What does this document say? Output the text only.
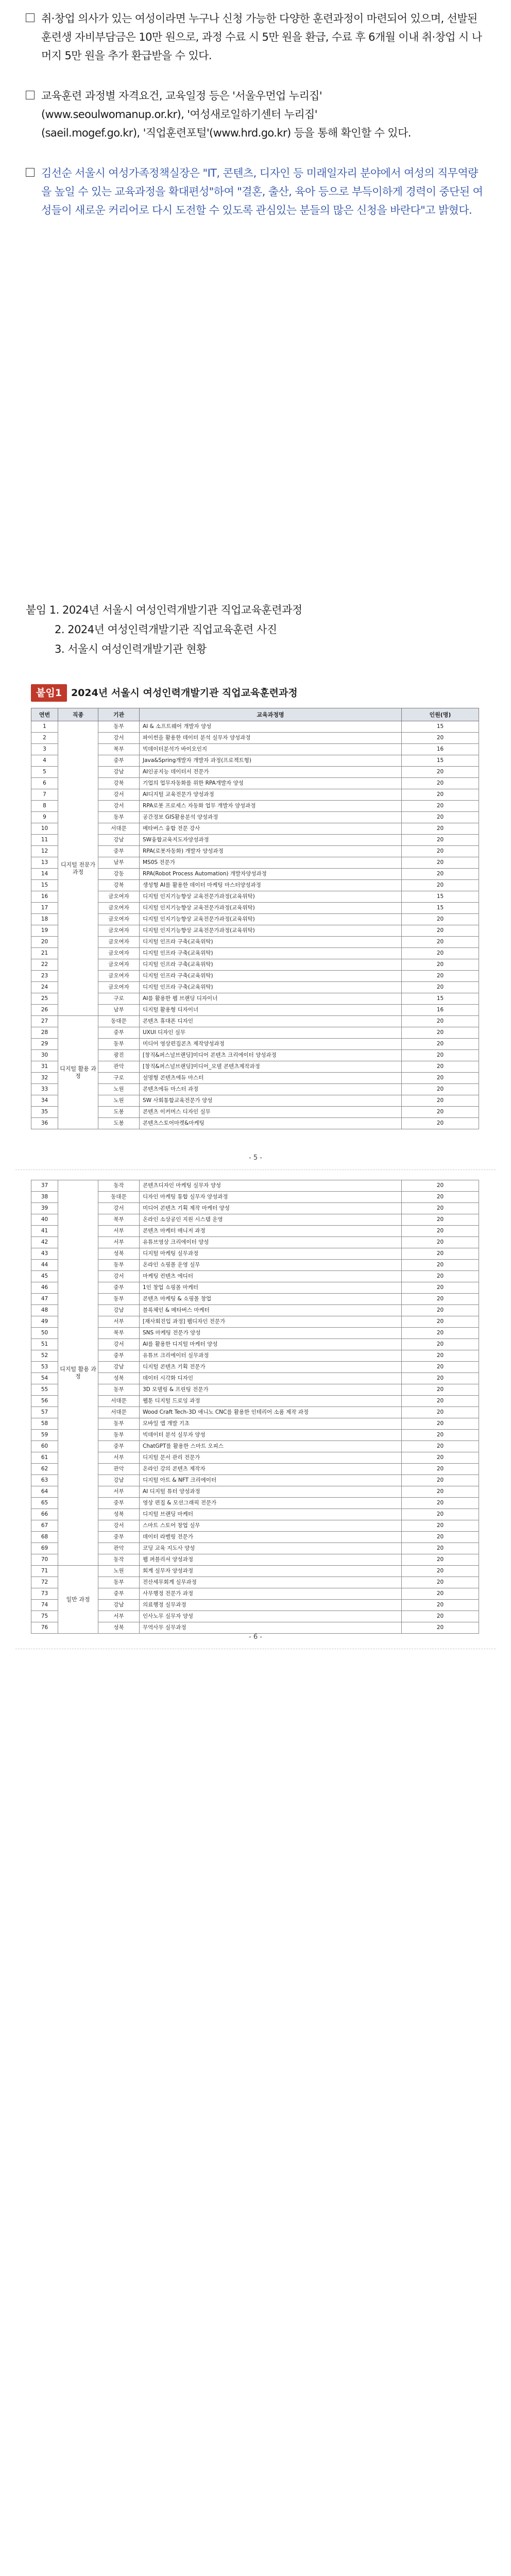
취·창업 의사가 있는 여성이라면 누구나 신청 가능한 다양한 훈련과정이 마련되어 있으며, 선발된 훈련생 자비부담금은 10만 원으로, 과정 수료 시 5만 원을 환급, 수료 후 6개월 이내 취·창업 시 나머지 5만 원을 추가 환급받을 수 있다.
교육훈련 과정별 자격요건, 교육일정 등은 '서울우먼업 누리집'
(www.seoulwomanup.or.kr), '여성새로일하기센터 누리집'
(saeil.mogef.go.kr), '직업훈련포털'(www.hrd.go.kr) 등을 통해 확인할 수 있다.
김선순 서울시 여성가족정책실장은 "IT, 콘텐츠, 디자인 등 미래일자리 분야에서 여성의 직무역량을 높일 수 있는 교육과정을 확대편성"하여 "결혼, 출산, 육아 등으로 부득이하게 경력이 중단된 여성들이 새로운 커리어로 다시 도전할 수 있도록 관심있는 분들의 많은 신청을 바란다"고 밝혔다.
붙임 1. 2024년 서울시 여성인력개발기관 직업교육훈련과정
2. 2024년 여성인력개발기관 직업교육훈련 사진
3. 서울시 여성인력개발기관 현황
붙임1 2024년 서울시 여성인력개발기관 직업교육훈련과정
연번	직종	기관	교육과정명	인원(명)
1	디지털 전문가 과정	동부	AI & 소프트웨어 개발자 양성	15
2		강서	파이썬을 활용한 데이터 분석 실무자 양성과정	20
3		북부	빅데이터분석가 바이오인지	16
4		중부	Java&Spring개발자 개발자 과정(프로젝트형)	15
5		강남	AI인공지능 데이터서 전문가	20
6		강북	기업의 업무자동화를 위한 RPA개발자 양성	20
7		강서	AI디지털 교육전문가 양성과정	20
8		강서	RPA로봇 프로세스 자동화 업무 개발자 양성과정	20
9		동부	공간정보 GIS활용분석 양성과정	20
10		서대문	메타버스 융합 전문 강사	20
11		강남	SW융합교육지도자양성과정	20
12		중부	RPA(로봇자동화) 개발자 양성과정	20
13		남부	MS0S 전문가	20
14		강동	RPA(Robot Process Automation) 개발자양성과정	20
15		강북	생성형 AI를 활용한 데이터 마케팅 마스터양성과정	20
16		금오여자	디지털 인지기능향상 교육전문가과정(교육위탁)	15
17		금오여자	디지털 인지기능향상 교육전문가과정(교육위탁)	15
18		금오여자	디지털 인지기능향상 교육전문가과정(교육위탁)	20
19		금오여자	디지털 인지기능향상 교육전문가과정(교육위탁)	20
20		금오여자	디지털 인프라 구축(교육위탁)	20
21		금오여자	디지털 인프라 구축(교육위탁)	20
22		금오여자	디지털 인프라 구축(교육위탁)	20
23		금오여자	디지털 인프라 구축(교육위탁)	20
24		금오여자	디지털 인프라 구축(교육위탁)	20
25		구로	AI를 활용한 웹 브랜딩 디자이너	15
26		남부	디지털 활용형 디자이너	16
27	디지털 활용 과정	동대문	콘텐츠 휴대폰 디자인	20
28		중부	UXUI 디자인 실무	20
29		동부	미디어 영상편집콘츠 제작양성과정	20
30		광진	[창직&퍼스널브랜딩]미디어 콘텐츠 크리에이터 양성과정	20
31		관악	[창직&퍼스널브랜딩]미디어_모델 콘텐츠제작과정	20
32		구로	설명형 콘텐츠에듀 마스터	20
33		노원	콘텐츠에듀 마스터 과정	20
34		노원	SW 사회통합교육전문가 양성	20
35		도봉	콘텐츠 이커머스 디자인 실무	20
36		도봉	콘텐츠스토어마켓&마케팅	20
- 5 -
37	디지털 활용 과정	동작	콘텐츠디자인 마케팅 실무자 양성	20
38		동대문	디자인 마케팅 통합 실무자 양성과정	20
39		강서	미디어 콘텐츠 기획 제작 마케터 양성	20
40		북부	온라인 소상공인 지원 시스템 운영	20
41		서부	콘텐츠 마케터 매니저 과정	20
42		서부	유튜브영상 크리에이터 양성	20
43		성북	디지털 마케팅 실무과정	20
44		동부	온라인 쇼핑몰 운영 실무	20
45		강서	마케팅 컨텐츠 에디터	20
46		중부	1인 창업 쇼핑몰 마케터	20
47		동부	콘텐츠 마케팅 & 쇼핑몰 창업	20
48		강남	블록체인 & 메타버스 마케터	20
49		서부	[재사회진입 과정] 웹디자인 전문가	20
50		북부	SNS 마케팅 전문가 양성	20
51		강서	AI를 활용한 디지털 마케터 양성	20
52		중부	유튜브 크리에이터 실무과정	20
53		강남	디지털 콘텐츠 기획 전문가	20
54		성북	데이터 시각화 디자인	20
55		동부	3D 모델링 & 프린팅 전문가	20
56		서대문	웹툰 디지털 드로잉 과정	20
57		서대문	Wood Craft Tech-3D 애니노 CNC를 활용한 인테리어 소품 제작 과정	20
58		동부	모바일 앱 개발 기초	20
59		동부	빅데이터 분석 실무자 양성	20
60		중부	ChatGPT를 활용한 스마트 오피스	20
61		서부	디지털 문서 관리 전문가	20
62		관악	온라인 강의 콘텐츠 제작자	20
63		강남	디지털 아트 & NFT 크리에이터	20
64		서부	AI 디지털 튜터 양성과정	20
65		중부	영상 편집 & 모션그래픽 전문가	20
66		성북	디지털 브랜딩 마케터	20
67		강서	스마트 스토어 창업 실무	20
68		중부	데이터 라벨링 전문가	20
69		관악	코딩 교육 지도사 양성	20
70		동작	웹 퍼블리셔 양성과정	20
71	일반 과정	노원	회계 실무자 양성과정	20
72		동부	전산세무회계 실무과정	20
73		중부	사무행정 전문가 과정	20
74		강남	의료행정 실무과정	20
75		서부	인사노무 실무자 양성	20
76		성북	무역사무 실무과정	20
- 6 -
